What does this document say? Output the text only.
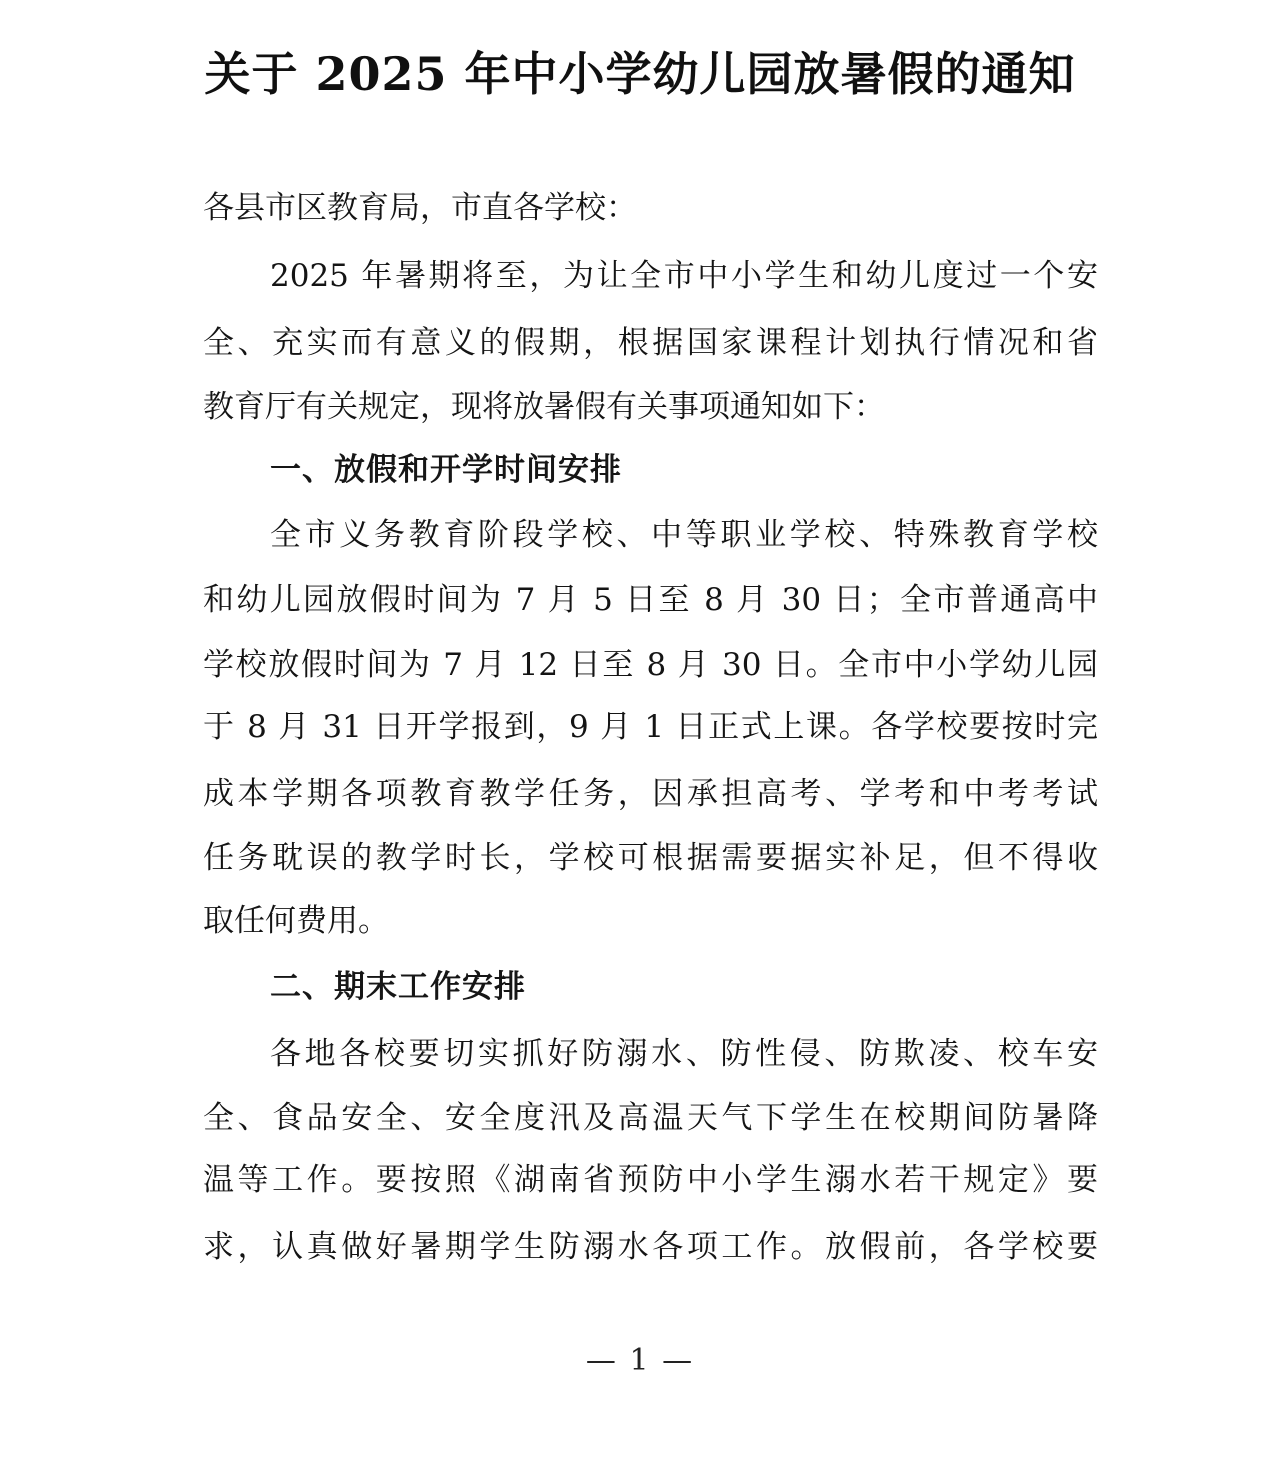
关于 2025 年中小学幼儿园放暑假的通知
各县市区教育局，市直各学校：
2025 年暑期将至，为让全市中小学生和幼儿度过一个安
全、充实而有意义的假期，根据国家课程计划执行情况和省
教育厅有关规定，现将放暑假有关事项通知如下：
一、放假和开学时间安排
全市义务教育阶段学校、中等职业学校、特殊教育学校
和幼儿园放假时间为 7 月 5 日至 8 月 30 日；全市普通高中
学校放假时间为 7 月 12 日至 8 月 30 日。全市中小学幼儿园
于 8 月 31 日开学报到，9 月 1 日正式上课。各学校要按时完
成本学期各项教育教学任务，因承担高考、学考和中考考试
任务耽误的教学时长，学校可根据需要据实补足，但不得收
取任何费用。
二、期末工作安排
各地各校要切实抓好防溺水、防性侵、防欺凌、校车安
全、食品安全、安全度汛及高温天气下学生在校期间防暑降
温等工作。要按照《湖南省预防中小学生溺水若干规定》要
求，认真做好暑期学生防溺水各项工作。放假前，各学校要
— 1 —
